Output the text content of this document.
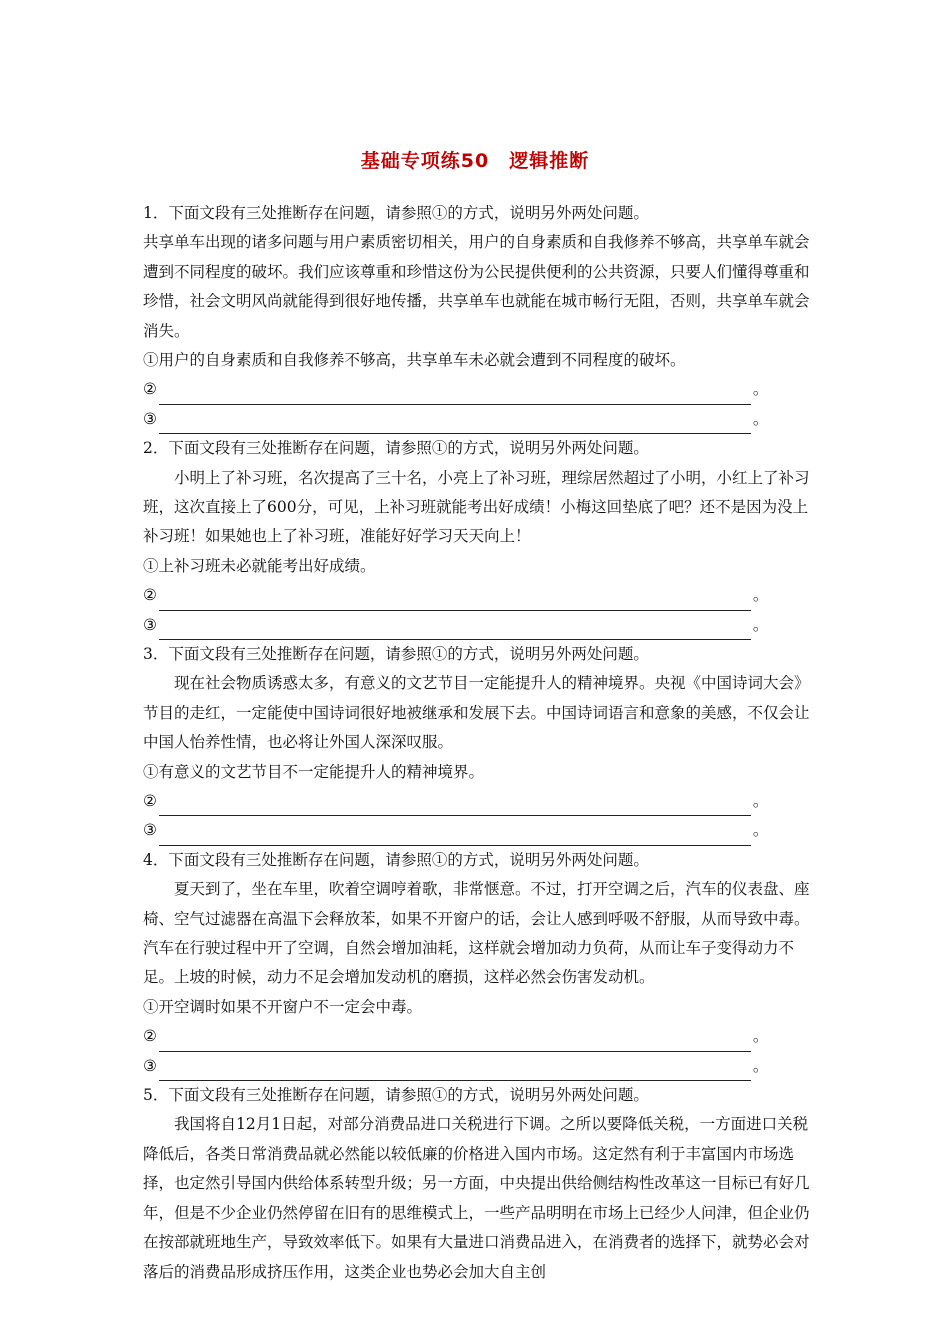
基础专项练50　逻辑推断

1．下面文段有三处推断存在问题，请参照①的方式，说明另外两处问题。

共享单车出现的诸多问题与用户素质密切相关，用户的自身素质和自我修养不够高，共享单车就会遭到不同程度的破坏。我们应该尊重和珍惜这份为公民提供便利的公共资源，只要人们懂得尊重和珍惜，社会文明风尚就能得到很好地传播，共享单车也就能在城市畅行无阻，否则，共享单车就会消失。

①用户的自身素质和自我修养不够高，共享单车未必就会遭到不同程度的破坏。

②	。
③	。

2．下面文段有三处推断存在问题，请参照①的方式，说明另外两处问题。

小明上了补习班，名次提高了三十名，小亮上了补习班，理综居然超过了小明，小红上了补习班，这次直接上了600分，可见，上补习班就能考出好成绩！小梅这回垫底了吧？还不是因为没上补习班！如果她也上了补习班，准能好好学习天天向上！

①上补习班未必就能考出好成绩。

②	。
③	。

3．下面文段有三处推断存在问题，请参照①的方式，说明另外两处问题。

现在社会物质诱惑太多，有意义的文艺节目一定能提升人的精神境界。央视《中国诗词大会》节目的走红，一定能使中国诗词很好地被继承和发展下去。中国诗词语言和意象的美感，不仅会让中国人怡养性情，也必将让外国人深深叹服。

①有意义的文艺节目不一定能提升人的精神境界。

②	。
③	。

4．下面文段有三处推断存在问题，请参照①的方式，说明另外两处问题。

夏天到了，坐在车里，吹着空调哼着歌，非常惬意。不过，打开空调之后，汽车的仪表盘、座椅、空气过滤器在高温下会释放苯，如果不开窗户的话，会让人感到呼吸不舒服，从而导致中毒。汽车在行驶过程中开了空调，自然会增加油耗，这样就会增加动力负荷，从而让车子变得动力不足。上坡的时候，动力不足会增加发动机的磨损，这样必然会伤害发动机。

①开空调时如果不开窗户不一定会中毒。

②	。
③	。

5．下面文段有三处推断存在问题，请参照①的方式，说明另外两处问题。

我国将自12月1日起，对部分消费品进口关税进行下调。之所以要降低关税，一方面进口关税降低后，各类日常消费品就必然能以较低廉的价格进入国内市场。这定然有利于丰富国内市场选择，也定然引导国内供给体系转型升级；另一方面，中央提出供给侧结构性改革这一目标已有好几年，但是不少企业仍然停留在旧有的思维模式上，一些产品明明在市场上已经少人问津，但企业仍在按部就班地生产，导致效率低下。如果有大量进口消费品进入，在消费者的选择下，就势必会对落后的消费品形成挤压作用，这类企业也势必会加大自主创
